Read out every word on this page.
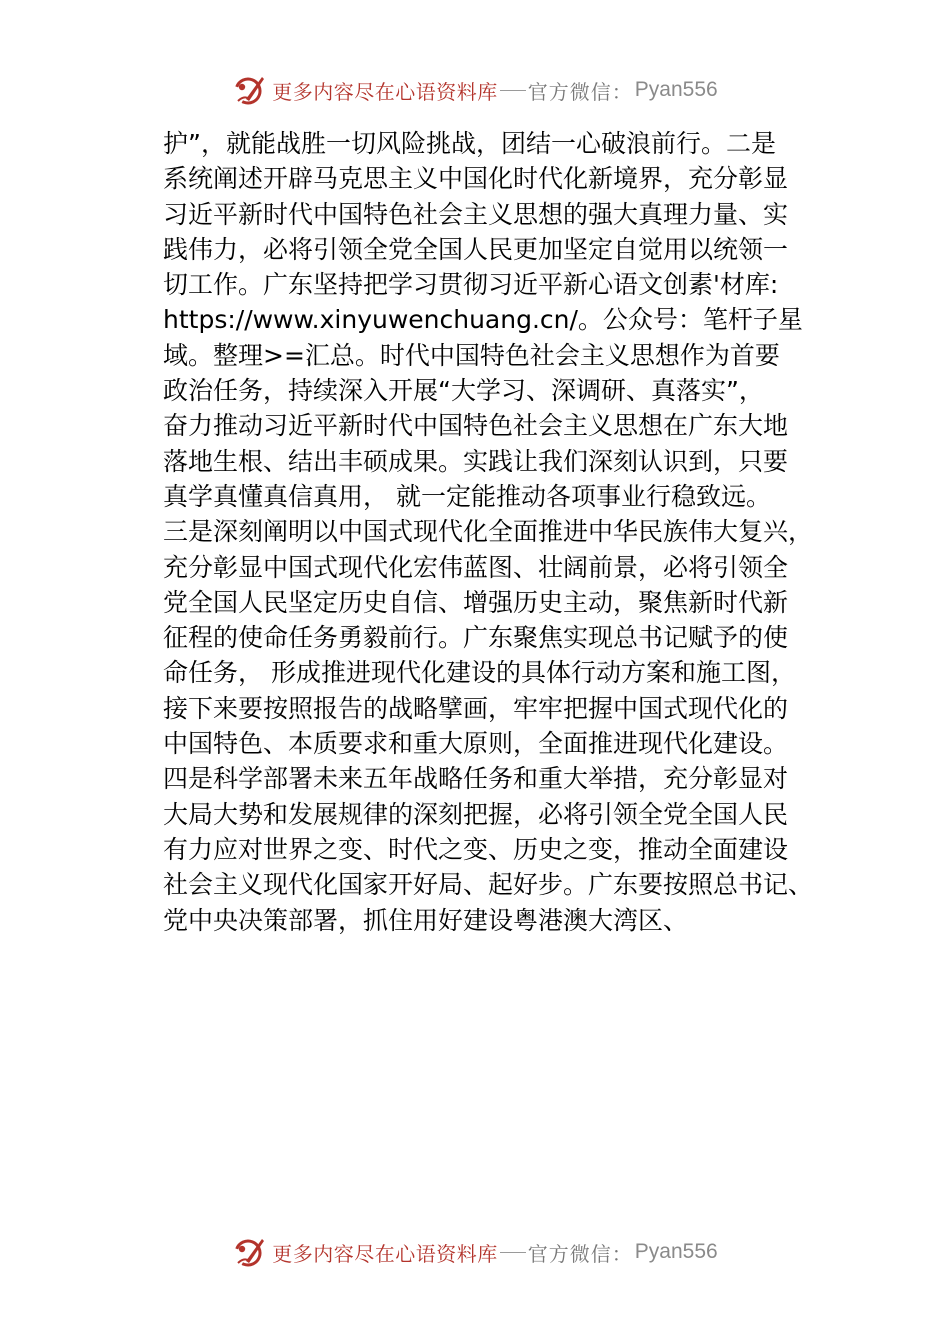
更多内容尽在心语资料库 官方微信： Pyan556
护”，就能战胜一切风险挑战，团结一心破浪前行。二是
系统阐述开辟马克思主义中国化时代化新境界，充分彰显
习近平新时代中国特色社会主义思想的强大真理力量、实
践伟力，必将引领全党全国人民更加坚定自觉用以统领一
切工作。广东坚持把学习贯彻习近平新心语文创素'材库:
https://www.xinyuwenchuang.cn/。公众号：笔杆子星
域。整理>=汇总。时代中国特色社会主义思想作为首要
政治任务，持续深入开展“大学习、深调研、真落实”，
奋力推动习近平新时代中国特色社会主义思想在广东大地
落地生根、结出丰硕成果。实践让我们深刻认识到，只要
真学真懂真信真用， 就一定能推动各项事业行稳致远。
三是深刻阐明以中国式现代化全面推进中华民族伟大复兴，
充分彰显中国式现代化宏伟蓝图、壮阔前景，必将引领全
党全国人民坚定历史自信、增强历史主动，聚焦新时代新
征程的使命任务勇毅前行。广东聚焦实现总书记赋予的使
命任务， 形成推进现代化建设的具体行动方案和施工图，
接下来要按照报告的战略擘画，牢牢把握中国式现代化的
中国特色、本质要求和重大原则，全面推进现代化建设。
四是科学部署未来五年战略任务和重大举措，充分彰显对
大局大势和发展规律的深刻把握，必将引领全党全国人民
有力应对世界之变、时代之变、历史之变，推动全面建设
社会主义现代化国家开好局、起好步。广东要按照总书记、
党中央决策部署，抓住用好建设粤港澳大湾区、
更多内容尽在心语资料库 官方微信： Pyan556
